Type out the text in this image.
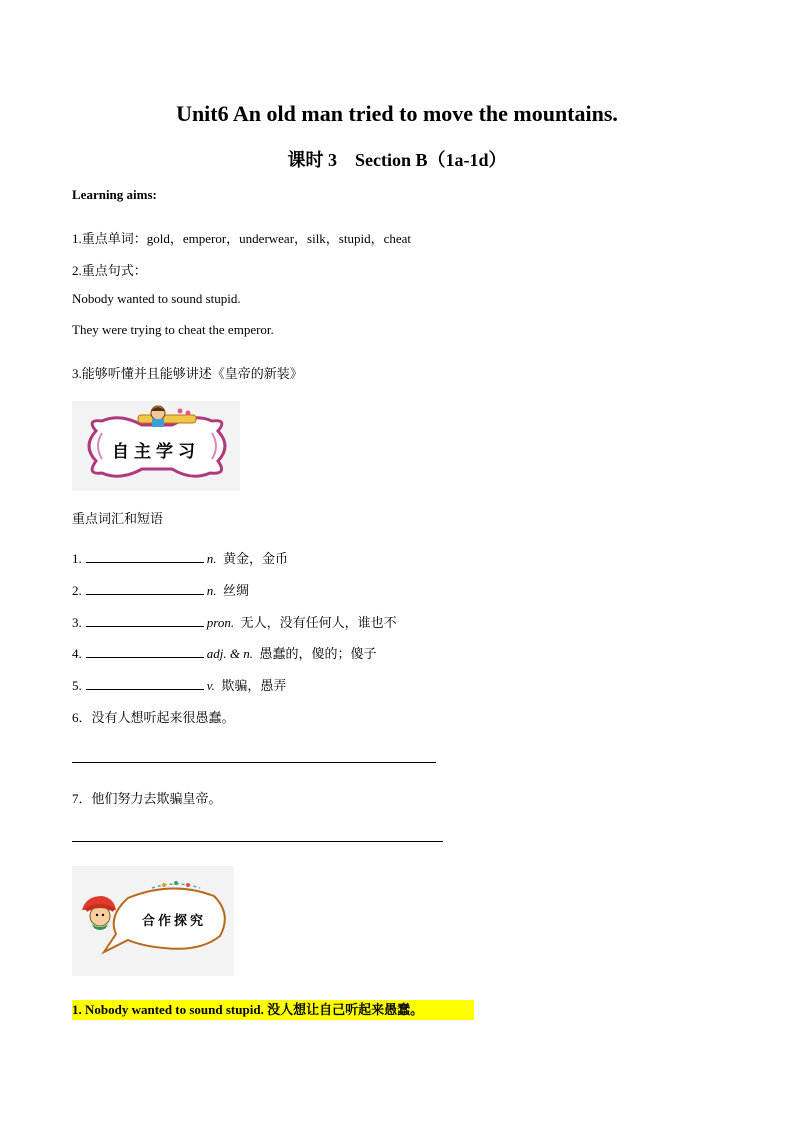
Unit6 An old man tried to move the mountains.
课时 3　Section B（1a-1d）
Learning aims:
1.重点单词：gold，emperor，underwear，silk，stupid，cheat
2.重点句式：
Nobody wanted to sound stupid.
They were trying to cheat the emperor.
3.能够听懂并且能够讲述《皇帝的新装》
自主学习
重点词汇和短语
1.	n. 黄金，金币
2.	n. 丝绸
3.	pron. 无人，没有任何人，谁也不
4.	adj. & n. 愚蠢的，傻的；傻子
5.	v. 欺骗，愚弄
6．没有人想听起来很愚蠢。
7．他们努力去欺骗皇帝。
合作探究
1. Nobody wanted to sound stupid. 没人想让自己听起来愚蠢。
